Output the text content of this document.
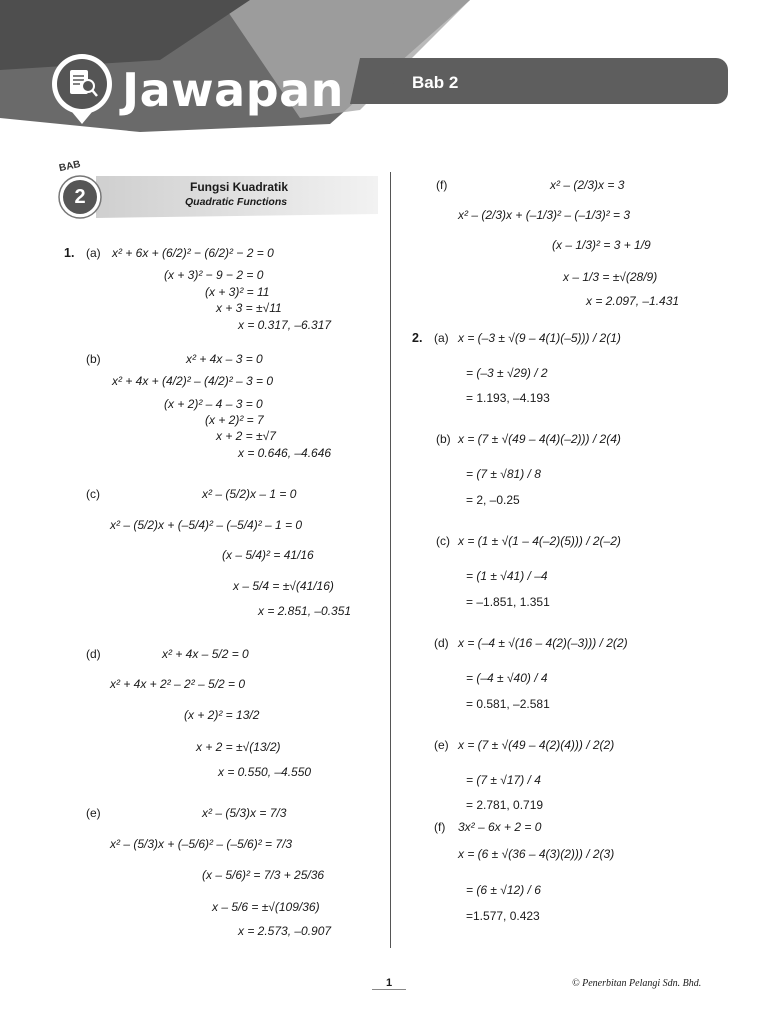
Jawapan	Bab 2
BAB
2	Fungsi Kuadratik
Quadratic Functions
1. (a) x² + 6x + (6/2)² − (6/2)² − 2 = 0
(x + 3)² − 9 − 2 = 0
(x + 3)² = 11
x + 3 = ±√11
x = 0.317, –6.317
(b)	x² + 4x – 3 = 0
x² + 4x + (4/2)² – (4/2)² – 3 = 0
(x + 2)² – 4 – 3 = 0
(x + 2)² = 7
x + 2 = ±√7
x = 0.646, –4.646
(c)	x² – (5/2)x – 1 = 0
x² – (5/2)x + (–5/4)² – (–5/4)² – 1 = 0
(x – 5/4)² = 41/16
x – 5/4 = ±√(41/16)
x = 2.851, –0.351
(d)	x² + 4x – 5/2 = 0
x² + 4x + 2² – 2² – 5/2 = 0
(x + 2)² = 13/2
x + 2 = ±√(13/2)
x = 0.550, –4.550
(e)	x² – (5/3)x = 7/3
x² – (5/3)x + (–5/6)² – (–5/6)² = 7/3
(x – 5/6)² = 7/3 + 25/36
x – 5/6 = ±√(109/36)
x = 2.573, –0.907
(f)	x² – (2/3)x = 3
x² – (2/3)x + (–1/3)² – (–1/3)² = 3
(x – 1/3)² = 3 + 1/9
x – 1/3 = ±√(28/9)
x = 2.097, –1.431
2. (a) x = (–3 ± √(9 – 4(1)(–5))) / 2(1)
= (–3 ± √29) / 2
= 1.193, –4.193
(b) x = (7 ± √(49 – 4(4)(–2))) / 2(4)
= (7 ± √81) / 8
= 2, –0.25
(c) x = (1 ± √(1 – 4(–2)(5))) / 2(–2)
= (1 ± √41) / –4
= –1.851, 1.351
(d) x = (–4 ± √(16 – 4(2)(–3))) / 2(2)
= (–4 ± √40) / 4
= 0.581, –2.581
(e) x = (7 ± √(49 – 4(2)(4))) / 2(2)
= (7 ± √17) / 4
= 2.781, 0.719
(f) 3x² – 6x + 2 = 0
x = (6 ± √(36 – 4(3)(2))) / 2(3)
= (6 ± √12) / 6
=1.577, 0.423
1	© Penerbitan Pelangi Sdn. Bhd.
